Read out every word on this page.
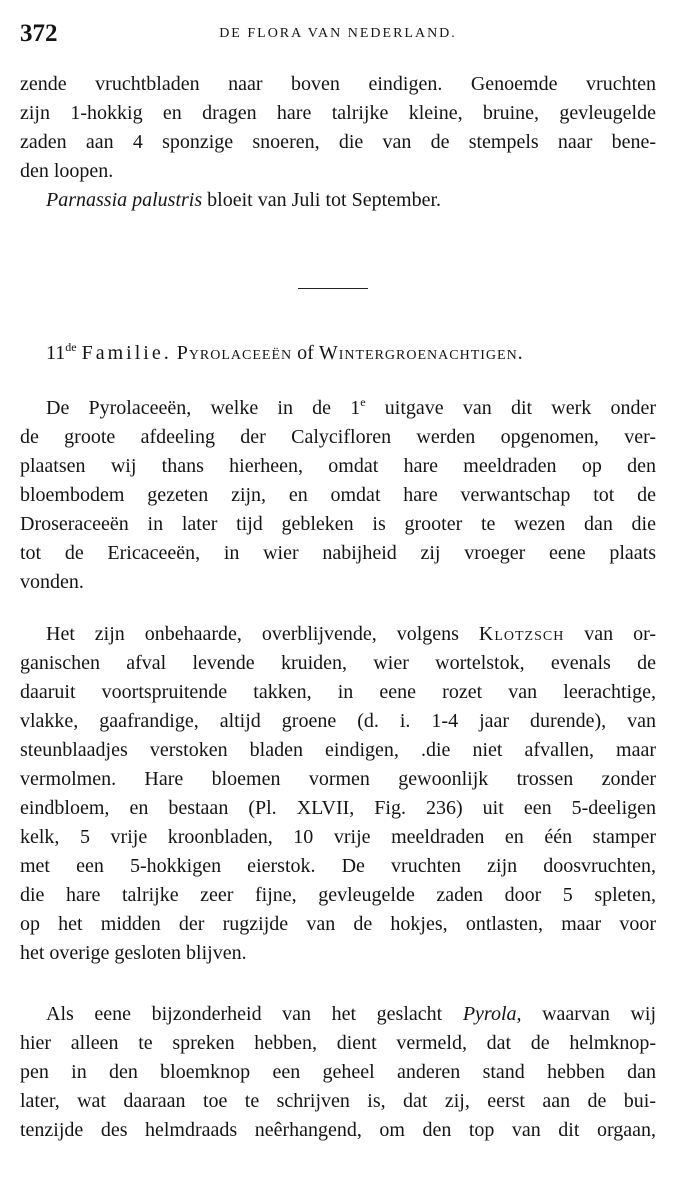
372	DE FLORA VAN NEDERLAND.
zende vruchtbladen naar boven eindigen. Genoemde vruchten
zijn 1-hokkig en dragen hare talrijke kleine, bruine, gevleugelde
zaden aan 4 sponzige snoeren, die van de stempels naar bene-
den loopen.
Parnassia palustris bloeit van Juli tot September.
11de Familie. Pyrolaceeën of Wintergroenachtigen.
De Pyrolaceeën, welke in de 1e uitgave van dit werk onder
de groote afdeeling der Calycifloren werden opgenomen, ver-
plaatsen wij thans hierheen, omdat hare meeldraden op den
bloembodem gezeten zijn, en omdat hare verwantschap tot de
Droseraceeën in later tijd gebleken is grooter te wezen dan die
tot de Ericaceeën, in wier nabijheid zij vroeger eene plaats
vonden.
Het zijn onbehaarde, overblijvende, volgens Klotzsch van or-
ganischen afval levende kruiden, wier wortelstok, evenals de
daaruit voortspruitende takken, in eene rozet van leerachtige,
vlakke, gaafrandige, altijd groene (d. i. 1-4 jaar durende), van
steunblaadjes verstoken bladen eindigen, .die niet afvallen, maar
vermolmen. Hare bloemen vormen gewoonlijk trossen zonder
eindbloem, en bestaan (Pl. XLVII, Fig. 236) uit een 5-deeligen
kelk, 5 vrije kroonbladen, 10 vrije meeldraden en één stamper
met een 5-hokkigen eierstok. De vruchten zijn doosvruchten,
die hare talrijke zeer fijne, gevleugelde zaden door 5 spleten,
op het midden der rugzijde van de hokjes, ontlasten, maar voor
het overige gesloten blijven.
Als eene bijzonderheid van het geslacht Pyrola, waarvan wij
hier alleen te spreken hebben, dient vermeld, dat de helmknop-
pen in den bloemknop een geheel anderen stand hebben dan
later, wat daaraan toe te schrijven is, dat zij, eerst aan de bui-
tenzijde des helmdraads neêrhangend, om den top van dit orgaan,
